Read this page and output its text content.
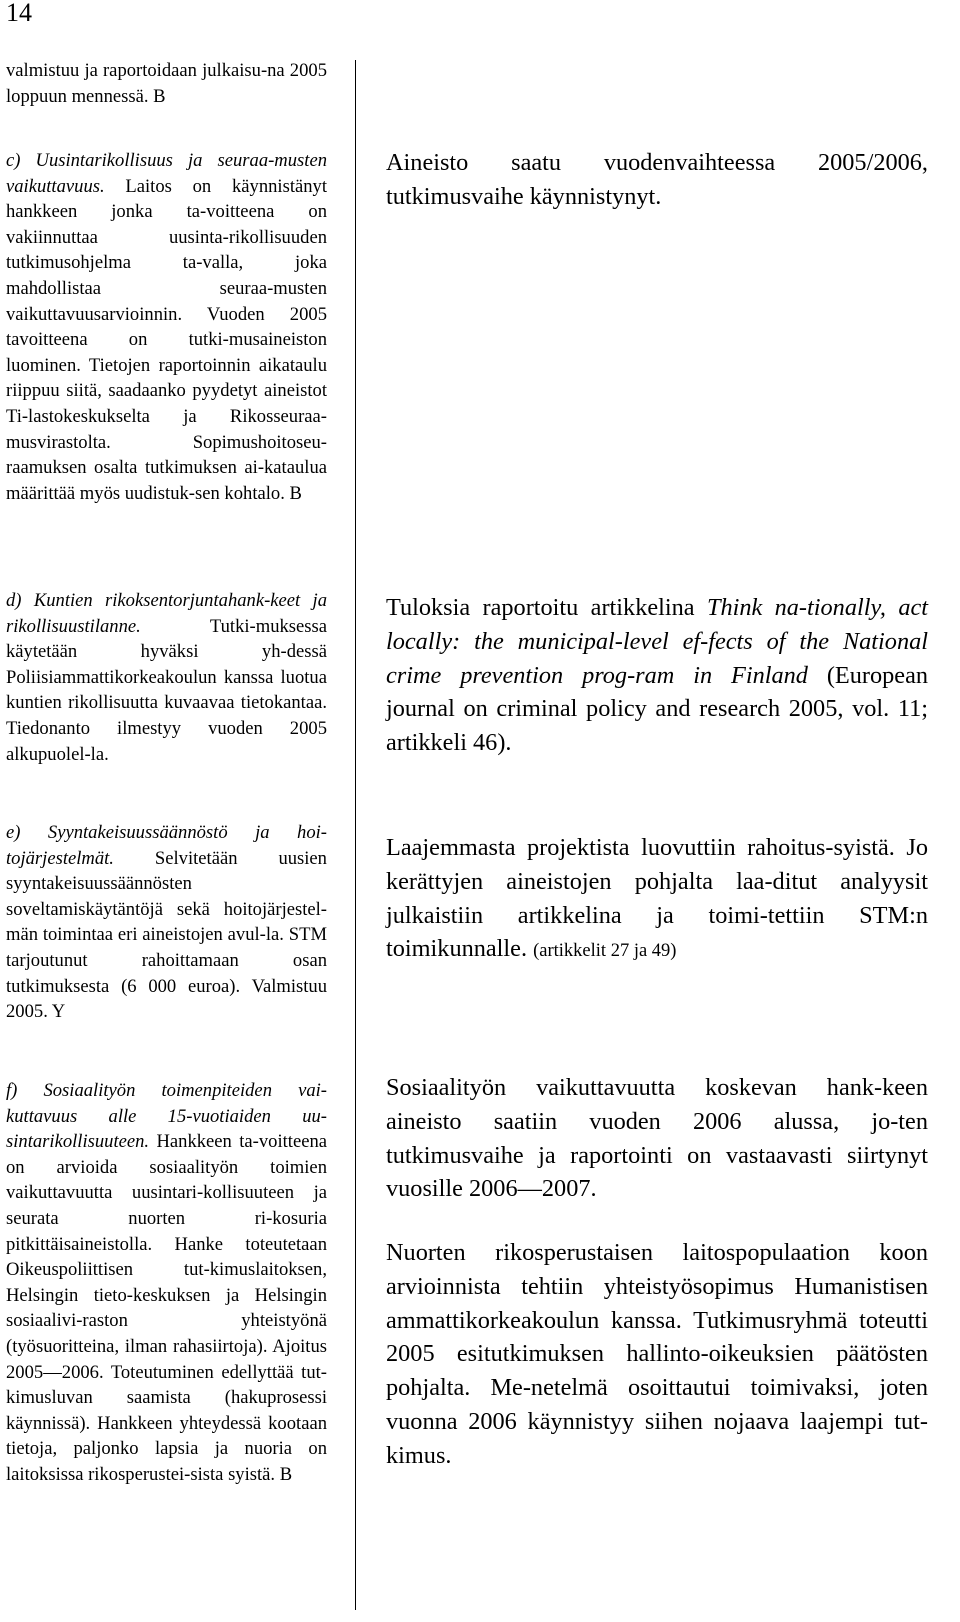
14

valmistuu ja raportoidaan julkaisu-na 2005 loppuun mennessä. B

c) Uusintarikollisuus ja seuraa-musten vaikuttavuus. Laitos on käynnistänyt hankkeen jonka ta-voitteena on vakiinnuttaa uusinta-rikollisuuden tutkimusohjelma ta-valla, joka mahdollistaa seuraa-musten vaikuttavuusarvioinnin. Vuoden 2005 tavoitteena on tutki-musaineiston luominen. Tietojen raportoinnin aikataulu riippuu siitä, saadaanko pyydetyt aineistot Ti-lastokeskukselta ja Rikosseuraa-musvirastolta. Sopimushoitoseu-raamuksen osalta tutkimuksen ai-kataulua määrittää myös uudistuk-sen kohtalo. B

d) Kuntien rikoksentorjuntahank-keet ja rikollisuustilanne.	Tutki-muksessa käytetään hyväksi yh-dessä Poliisiammattikorkeakoulun kanssa luotua kuntien rikollisuutta kuvaavaa tietokantaa. Tiedonanto ilmestyy vuoden 2005 alkupuolel-la.

e) Syyntakeisuussäännöstö ja hoi-tojärjestelmät. Selvitetään uusien syyntakeisuussäännösten soveltamiskäytäntöjä sekä hoitojärjestel-män toimintaa eri aineistojen avul-la. STM tarjoutunut rahoittamaan osan tutkimuksesta (6 000 euroa). Valmistuu 2005. Y

f) Sosiaalityön toimenpiteiden vai-kuttavuus alle 15-vuotiaiden uu-sintarikollisuuteen. Hankkeen ta-voitteena on arvioida sosiaalityön toimien vaikuttavuutta uusintari-kollisuuteen ja seurata nuorten ri-kosuria pitkittäisaineistolla. Hanke toteutetaan Oikeuspoliittisen tut-kimuslaitoksen, Helsingin tieto-keskuksen ja Helsingin sosiaalivi-raston yhteistyönä (työsuoritteina, ilman rahasiirtoja). Ajoitus 2005—2006. Toteutuminen edellyttää tut-kimusluvan saamista (hakuprosessi käynnissä). Hankkeen yhteydessä kootaan tietoja, paljonko lapsia ja nuoria on laitoksissa rikosperustei-sista syistä. B

Aineisto saatu vuodenvaihteessa 2005/2006, tutkimusvaihe käynnistynyt.

Tuloksia raportoitu artikkelina Think na-tionally, act locally: the municipal-level ef-fects of the National crime prevention prog-ram in Finland (European journal on criminal policy and research 2005, vol. 11; artikkeli 46).

Laajemmasta projektista luovuttiin rahoitus-syistä. Jo kerättyjen aineistojen pohjalta laa-ditut analyysit julkaistiin artikkelina ja toimi-tettiin STM:n toimikunnalle. (artikkelit 27 ja 49)

Sosiaalityön vaikuttavuutta koskevan hank-keen aineisto saatiin vuoden 2006 alussa, jo-ten tutkimusvaihe ja raportointi on vastaavasti siirtynyt vuosille 2006—2007.

Nuorten rikosperustaisen laitospopulaation koon arvioinnista tehtiin yhteistyösopimus Humanistisen ammattikorkeakoulun kanssa. Tutkimusryhmä toteutti 2005 esitutkimuksen hallinto-oikeuksien päätösten pohjalta. Me-netelmä osoittautui toimivaksi, joten vuonna 2006 käynnistyy siihen nojaava laajempi tut-kimus.
